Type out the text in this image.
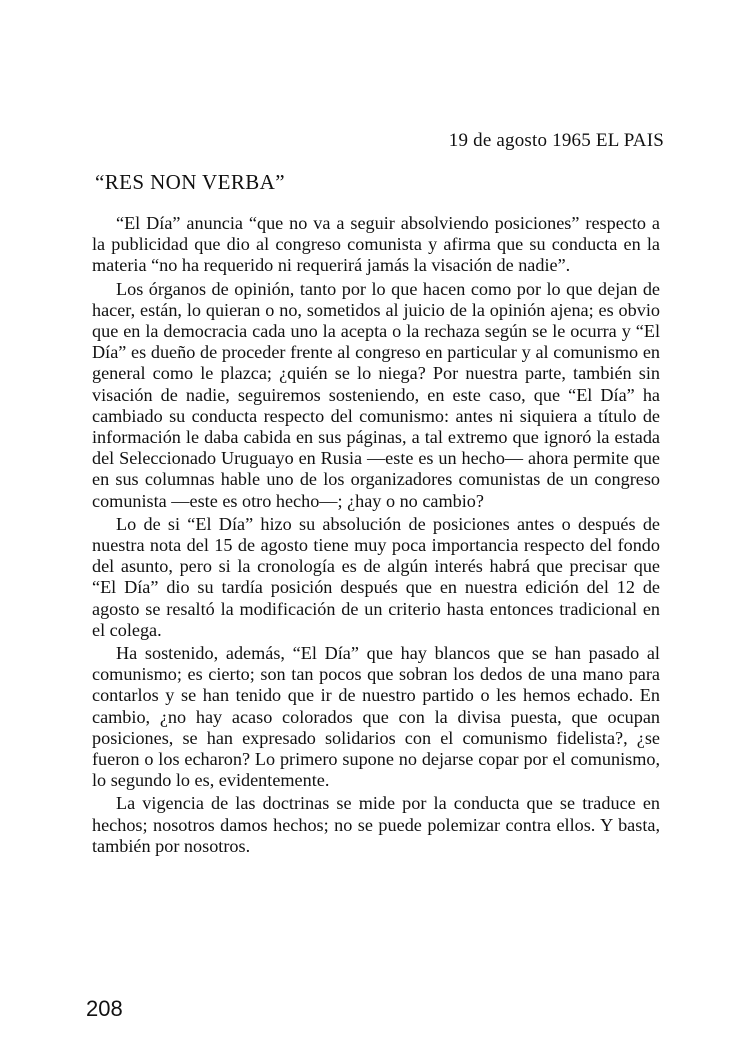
19 de agosto 1965 EL PAIS
“RES NON VERBA”

“El Día” anuncia “que no va a seguir absolviendo posiciones” respecto a la publicidad que dio al congreso comunista y afirma que su conducta en la materia “no ha requerido ni requerirá jamás la visación de nadie”.

Los órganos de opinión, tanto por lo que hacen como por lo que dejan de hacer, están, lo quieran o no, sometidos al juicio de la opinión ajena; es obvio que en la democracia cada uno la acepta o la rechaza según se le ocurra y “El Día” es dueño de proceder frente al congreso en particular y al comunismo en general como le plazca; ¿quién se lo niega? Por nuestra parte, también sin visación de nadie, seguiremos sosteniendo, en este caso, que “El Día” ha cambiado su conducta respecto del comunismo: antes ni siquiera a título de información le daba cabida en sus páginas, a tal extremo que ignoró la estada del Seleccionado Uruguayo en Rusia —este es un hecho— ahora permite que en sus columnas hable uno de los organizadores comunistas de un congreso comunista —este es otro hecho—; ¿hay o no cambio?

Lo de si “El Día” hizo su absolución de posiciones antes o después de nuestra nota del 15 de agosto tiene muy poca importancia respecto del fondo del asunto, pero si la cronología es de algún interés habrá que precisar que “El Día” dio su tardía posición después que en nuestra edición del 12 de agosto se resaltó la modificación de un criterio hasta entonces tradicional en el colega.

Ha sostenido, además, “El Día” que hay blancos que se han pasado al comunismo; es cierto; son tan pocos que sobran los dedos de una mano para contarlos y se han tenido que ir de nuestro partido o les hemos echado. En cambio, ¿no hay acaso colorados que con la divisa puesta, que ocupan posiciones, se han expresado solidarios con el comunismo fidelista?, ¿se fueron o los echaron? Lo primero supone no dejarse copar por el comunismo, lo segundo lo es, evidentemente.

La vigencia de las doctrinas se mide por la conducta que se traduce en hechos; nosotros damos hechos; no se puede polemizar contra ellos. Y basta, también por nosotros.

208
